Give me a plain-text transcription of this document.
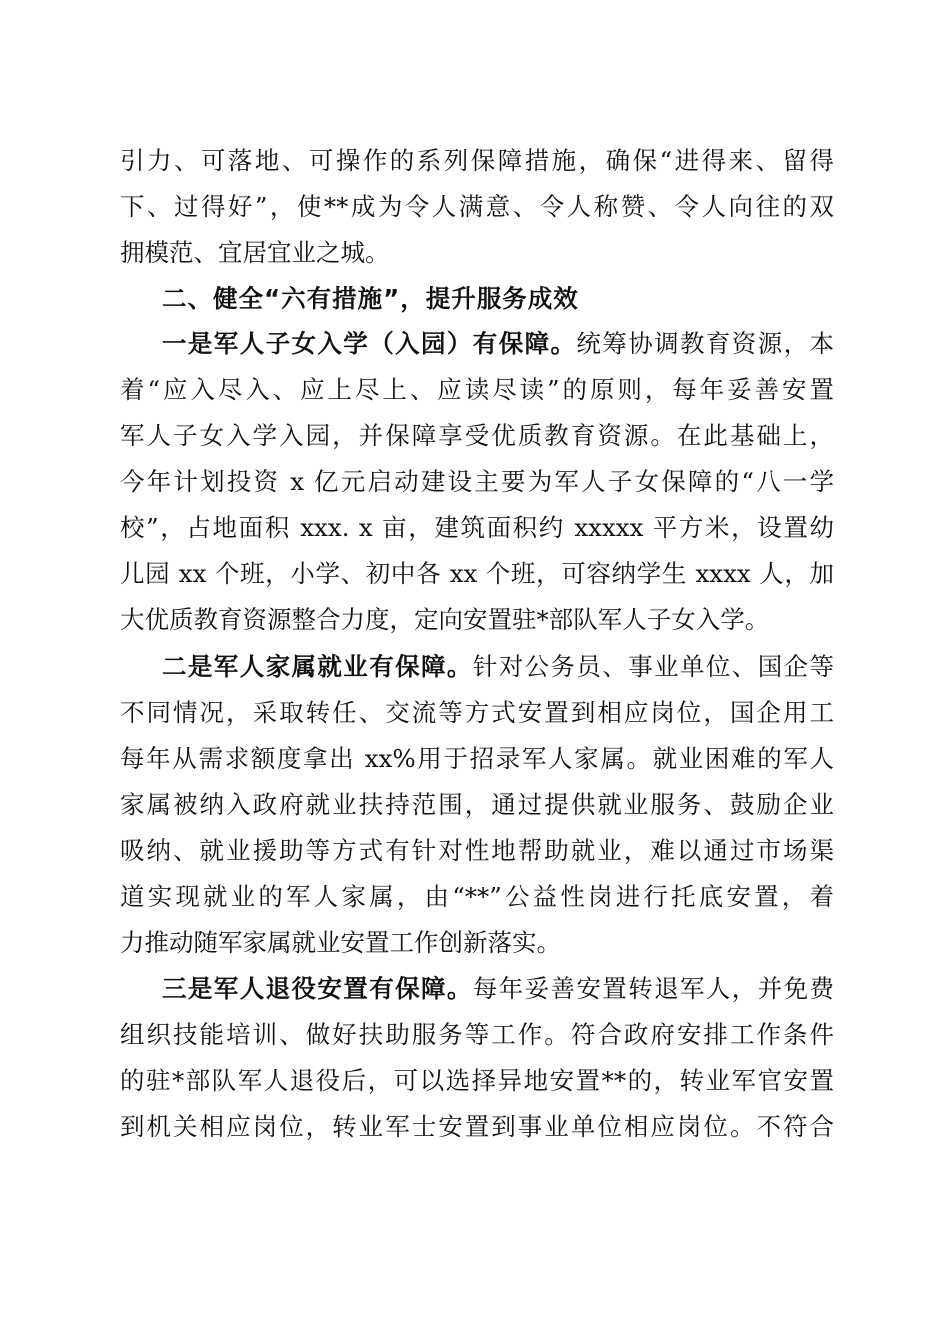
引力、可落地、可操作的系列保障措施，确保“进得来、留得
下、过得好”，使**成为令人满意、令人称赞、令人向往的双
拥模范、宜居宜业之城。
二、健全“六有措施”，提升服务成效
一是军人子女入学（入园）有保障。统筹协调教育资源，本
着“应入尽入、应上尽上、应读尽读”的原则，每年妥善安置
军人子女入学入园，并保障享受优质教育资源。在此基础上，
今年计划投资 x 亿元启动建设主要为军人子女保障的“八一学
校”，占地面积 xxx. x 亩，建筑面积约 xxxxx 平方米，设置幼
儿园 xx 个班，小学、初中各 xx 个班，可容纳学生 xxxx 人，加
大优质教育资源整合力度，定向安置驻*部队军人子女入学。
二是军人家属就业有保障。针对公务员、事业单位、国企等
不同情况，采取转任、交流等方式安置到相应岗位，国企用工
每年从需求额度拿出 xx%用于招录军人家属。就业困难的军人
家属被纳入政府就业扶持范围，通过提供就业服务、鼓励企业
吸纳、就业援助等方式有针对性地帮助就业，难以通过市场渠
道实现就业的军人家属，由“**”公益性岗进行托底安置，着
力推动随军家属就业安置工作创新落实。
三是军人退役安置有保障。每年妥善安置转退军人，并免费
组织技能培训、做好扶助服务等工作。符合政府安排工作条件
的驻*部队军人退役后，可以选择异地安置**的，转业军官安置
到机关相应岗位，转业军士安置到事业单位相应岗位。不符合
